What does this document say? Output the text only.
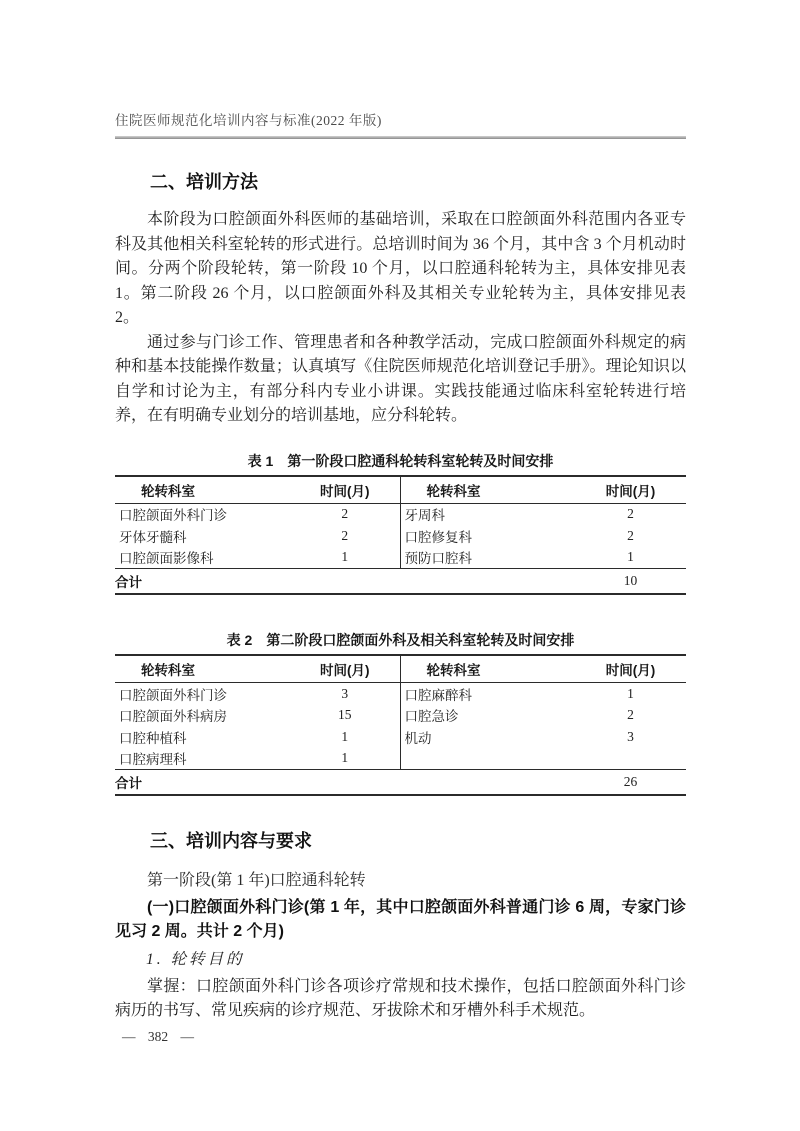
住院医师规范化培训内容与标准(2022 年版)
二、培训方法

本阶段为口腔颌面外科医师的基础培训，采取在口腔颌面外科范围内各亚专科及其他相关科室轮转的形式进行。总培训时间为 36 个月，其中含 3 个月机动时间。分两个阶段轮转，第一阶段 10 个月，以口腔通科轮转为主，具体安排见表 1。第二阶段 26 个月，以口腔颌面外科及其相关专业轮转为主，具体安排见表 2。

通过参与门诊工作、管理患者和各种教学活动，完成口腔颌面外科规定的病种和基本技能操作数量；认真填写《住院医师规范化培训登记手册》。理论知识以自学和讨论为主，有部分科内专业小讲课。实践技能通过临床科室轮转进行培养，在有明确专业划分的培训基地，应分科轮转。

表 1　第一阶段口腔通科轮转科室轮转及时间安排
轮转科室	时间(月)	轮转科室	时间(月)
口腔颌面外科门诊	2	牙周科	2
牙体牙髓科	2	口腔修复科	2
口腔颌面影像科	1	预防口腔科	1
合计			10
表 2　第二阶段口腔颌面外科及相关科室轮转及时间安排
轮转科室	时间(月)	轮转科室	时间(月)
口腔颌面外科门诊	3	口腔麻醉科	1
口腔颌面外科病房	15	口腔急诊	2
口腔种植科	1	机动	3
口腔病理科	1		
合计			26
三、培训内容与要求

第一阶段(第 1 年)口腔通科轮转

(一)口腔颌面外科门诊(第 1 年，其中口腔颌面外科普通门诊 6 周，专家门诊见习 2 周。共计 2 个月)

1. 轮转目的

掌握：口腔颌面外科门诊各项诊疗常规和技术操作，包括口腔颌面外科门诊病历的书写、常见疾病的诊疗规范、牙拔除术和牙槽外科手术规范。

— 382 —
